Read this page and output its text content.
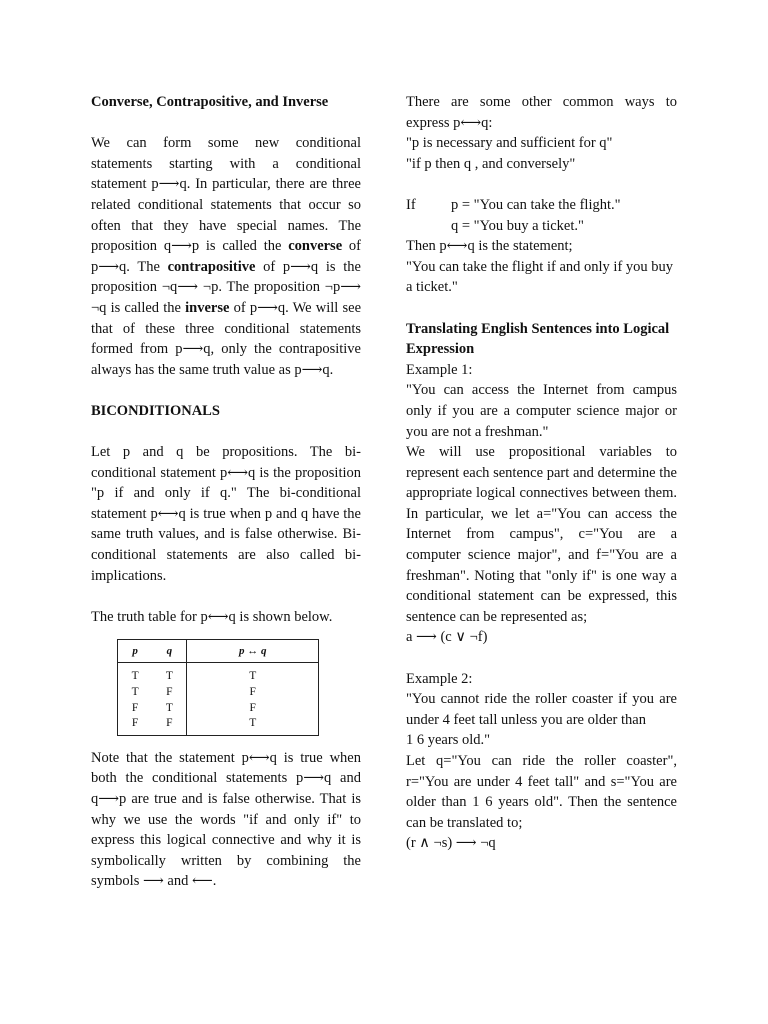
Converse, Contrapositive, and Inverse

We can form some new conditional statements starting with a conditional statement p⟶q. In particular, there are three related conditional statements that occur so often that they have special names. The proposition q⟶p is called the converse of p⟶q. The contrapositive of p⟶q is the proposition ¬q⟶ ¬p. The proposition ¬p⟶ ¬q is called the inverse of p⟶q. We will see that of these three conditional statements formed from p⟶q, only the contrapositive always has the same truth value as p⟶q.

BICONDITIONALS

Let p and q be propositions. The bi-conditional statement p⟷q is the proposition "p if and only if q." The bi-conditional statement p⟷q is true when p and q have the same truth values, and is false otherwise. Bi-conditional statements are also called bi-implications.

The truth table for p⟷q is shown below.

p	q	p ↔ q
T	T	T
T	F	F
F	T	F
F	F	T

Note that the statement p⟷q is true when both the conditional statements p⟶q and q⟶p are true and is false otherwise. That is why we use the words "if and only if" to express this logical connective and why it is symbolically written by combining the symbols ⟶ and ⟵.

There are some other common ways to express p⟷q:

"p is necessary and sufficient for q"

"if p then q , and conversely"

If	p = "You can take the flight."

q = "You buy a ticket."

Then p⟷q is the statement;

"You can take the flight if and only if you buy a ticket."

Translating English Sentences into Logical Expression

Example 1:

"You can access the Internet from campus only if you are a computer science major or you are not a freshman."

We will use propositional variables to represent each sentence part and determine the appropriate logical connectives between them. In particular, we let a="You can access the Internet from campus", c="You are a computer science major", and f="You are a freshman". Noting that "only if" is one way a conditional statement can be expressed, this sentence can be represented as;

a ⟶ (c ∨ ¬f)

Example 2:

"You cannot ride the roller coaster if you are under 4 feet tall unless you are older than

1 6 years old."

Let q="You can ride the roller coaster", r="You are under 4 feet tall" and s="You are older than 1 6 years old". Then the sentence can be translated to;

(r ∧ ¬s) ⟶ ¬q
